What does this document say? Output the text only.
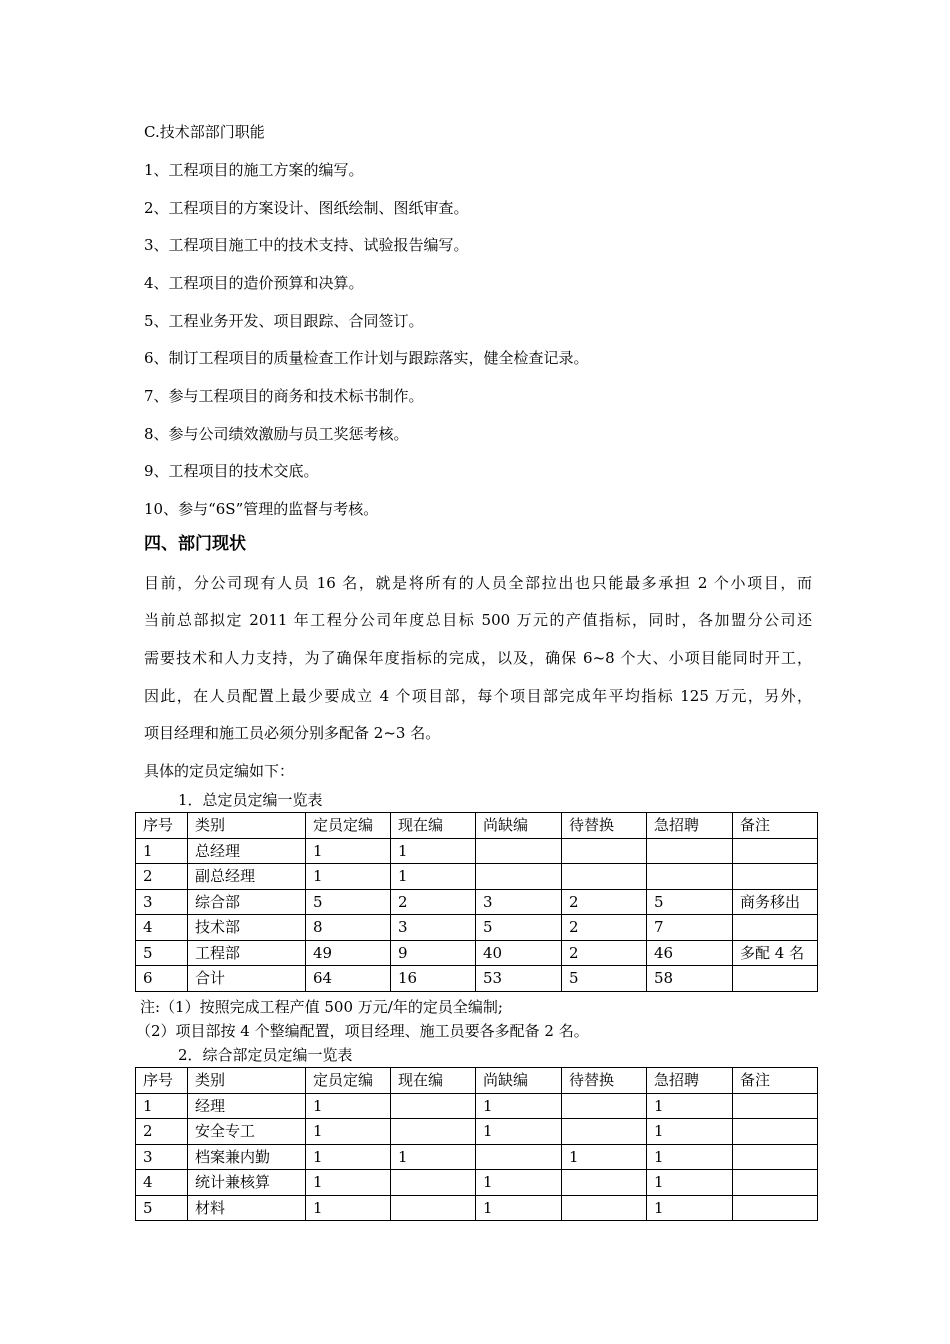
C.技术部部门职能
1、工程项目的施工方案的编写。
2、工程项目的方案设计、图纸绘制、图纸审查。
3、工程项目施工中的技术支持、试验报告编写。
4、工程项目的造价预算和决算。
5、工程业务开发、项目跟踪、合同签订。
6、制订工程项目的质量检查工作计划与跟踪落实，健全检查记录。
7、参与工程项目的商务和技术标书制作。
8、参与公司绩效激励与员工奖惩考核。
9、工程项目的技术交底。
10、参与“6S”管理的监督与考核。
四、部门现状
目前，分公司现有人员 16 名，就是将所有的人员全部拉出也只能最多承担 2 个小项目，而
当前总部拟定 2011 年工程分公司年度总目标 500 万元的产值指标，同时，各加盟分公司还
需要技术和人力支持，为了确保年度指标的完成，以及，确保 6~8 个大、小项目能同时开工，
因此，在人员配置上最少要成立 4 个项目部，每个项目部完成年平均指标 125 万元，另外，
项目经理和施工员必须分别多配备 2~3 名。
具体的定员定编如下：
1．总定员定编一览表
序号	类别	定员定编	现在编	尚缺编	待替换	急招聘	备注
1	总经理	1	1				
2	副总经理	1	1				
3	综合部	5	2	3	2	5	商务移出
4	技术部	8	3	5	2	7	
5	工程部	49	9	40	2	46	多配 4 名
6	合计	64	16	53	5	58	
注:（1）按照完成工程产值 500 万元/年的定员全编制;
（2）项目部按 4 个整编配置，项目经理、施工员要各多配备 2 名。
2．综合部定员定编一览表
序号	类别	定员定编	现在编	尚缺编	待替换	急招聘	备注
1	经理	1		1		1	
2	安全专工	1		1		1	
3	档案兼内勤	1	1		1	1	
4	统计兼核算	1		1		1	
5	材料	1		1		1	
